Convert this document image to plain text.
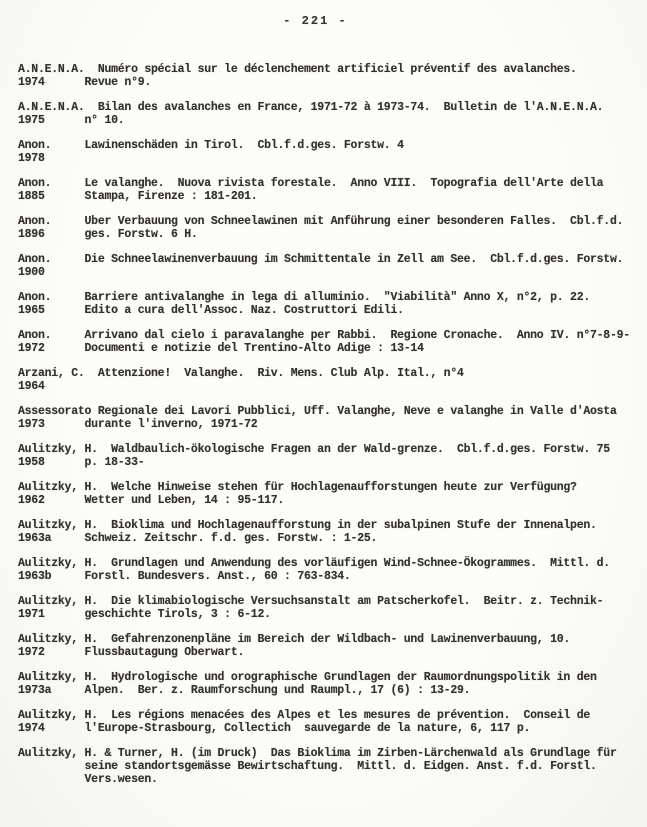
- 221 -
A.N.E.N.A.  Numéro spécial sur le déclenchement artificiel préventif des avalanches.
1974      Revue n°9.
A.N.E.N.A.  Bilan des avalanches en France, 1971-72 à 1973-74.  Bulletin de l'A.N.E.N.A.
1975      n° 10.
Anon.     Lawinenschäden in Tirol.  Cbl.f.d.ges. Forstw. 4
1978
Anon.     Le valanghe.  Nuova rivista forestale.  Anno VIII.  Topografia dell'Arte della
1885      Stampa, Firenze : 181-201.
Anon.     Uber Verbauung von Schneelawinen mit Anführung einer besonderen Falles.  Cbl.f.d.
1896      ges. Forstw. 6 H.
Anon.     Die Schneelawinenverbauung im Schmittentale in Zell am See.  Cbl.f.d.ges. Forstw.
1900
Anon.     Barriere antivalanghe in lega di alluminio.  "Viabilità" Anno X, n°2, p. 22.
1965      Edito a cura dell'Assoc. Naz. Costruttori Edili.
Anon.     Arrivano dal cielo i paravalanghe per Rabbi.  Regione Cronache.  Anno IV. n°7-8-9-
1972      Documenti e notizie del Trentino-Alto Adige : 13-14
Arzani, C.  Attenzione!  Valanghe.  Riv. Mens. Club Alp. Ital., n°4
1964
Assessorato Regionale dei Lavori Pubblici, Uff. Valanghe, Neve e valanghe in Valle d'Aosta
1973      durante l'inverno, 1971-72
Aulitzky, H.  Waldbaulich-ökologische Fragen an der Wald-grenze.  Cbl.f.d.ges. Forstw. 75
1958      p. 18-33-
Aulitzky, H.  Welche Hinweise stehen für Hochlagenaufforstungen heute zur Verfügung?
1962      Wetter und Leben, 14 : 95-117.
Aulitzky, H.  Bioklima und Hochlagenaufforstung in der subalpinen Stufe der Innenalpen.
1963a     Schweiz. Zeitschr. f.d. ges. Forstw. : 1-25.
Aulitzky, H.  Grundlagen und Anwendung des vorläufigen Wind-Schnee-Ökogrammes.  Mittl. d.
1963b     Forstl. Bundesvers. Anst., 60 : 763-834.
Aulitzky, H.  Die klimabiologische Versuchsanstalt am Patscherkofel.  Beitr. z. Technik-
1971      geschichte Tirols, 3 : 6-12.
Aulitzky, H.  Gefahrenzonenpläne im Bereich der Wildbach- und Lawinenverbauung, 10.
1972      Flussbautagung Oberwart.
Aulitzky, H.  Hydrologische und orographische Grundlagen der Raumordnungspolitik in den
1973a     Alpen.  Ber. z. Raumforschung und Raumpl., 17 (6) : 13-29.
Aulitzky, H.  Les régions menacées des Alpes et les mesures de prévention.  Conseil de
1974      l'Europe-Strasbourg, Collectich  sauvegarde de la nature, 6, 117 p.
Aulitzky, H. & Turner, H. (im Druck)  Das Bioklima im Zirben-Lärchenwald als Grundlage für
seine standortsgemässe Bewirtschaftung.  Mittl. d. Eidgen. Anst. f.d. Forstl.
Vers.wesen.
